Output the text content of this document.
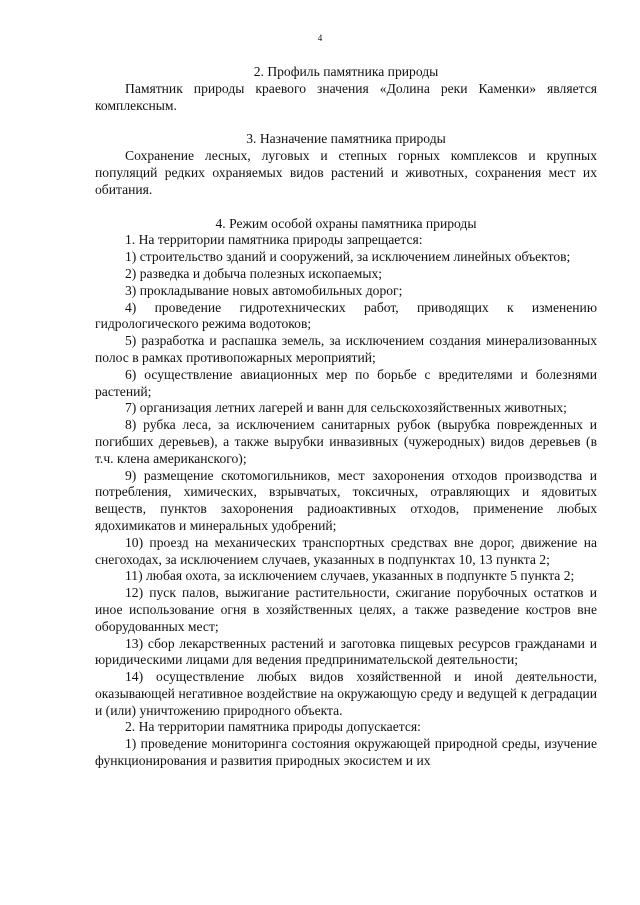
4
2. Профиль памятника природы
Памятник природы краевого значения «Долина реки Каменки» является комплексным.
3. Назначение памятника природы
Сохранение лесных, луговых и степных горных комплексов и крупных популяций редких охраняемых видов растений и животных, сохранения мест их обитания.
4. Режим особой охраны памятника природы
1. На территории памятника природы запрещается:
1) строительство зданий и сооружений, за исключением линейных объектов;
2) разведка и добыча полезных ископаемых;
3) прокладывание новых автомобильных дорог;
4) проведение гидротехнических работ, приводящих к изменению гидрологического режима водотоков;
5) разработка и распашка земель, за исключением создания минерализованных полос в рамках противопожарных мероприятий;
6) осуществление авиационных мер по борьбе с вредителями и болезнями растений;
7) организация летних лагерей и ванн для сельскохозяйственных животных;
8) рубка леса, за исключением санитарных рубок (вырубка поврежденных и погибших деревьев), а также вырубки инвазивных (чужеродных) видов деревьев (в т.ч. клена американского);
9) размещение скотомогильников, мест захоронения отходов производства и потребления, химических, взрывчатых, токсичных, отравляющих и ядовитых веществ, пунктов захоронения радиоактивных отходов, применение любых ядохимикатов и минеральных удобрений;
10) проезд на механических транспортных средствах вне дорог, движение на снегоходах, за исключением случаев, указанных в подпунктах 10, 13 пункта 2;
11) любая охота, за исключением случаев, указанных в подпункте 5 пункта 2;
12) пуск палов, выжигание растительности, сжигание порубочных остатков и иное использование огня в хозяйственных целях, а также разведение костров вне оборудованных мест;
13) сбор лекарственных растений и заготовка пищевых ресурсов гражданами и юридическими лицами для ведения предпринимательской деятельности;
14) осуществление любых видов хозяйственной и иной деятельности, оказывающей негативное воздействие на окружающую среду и ведущей к деградации и (или) уничтожению природного объекта.
2. На территории памятника природы допускается:
1) проведение мониторинга состояния окружающей природной среды, изучение функционирования и развития природных экосистем и их
